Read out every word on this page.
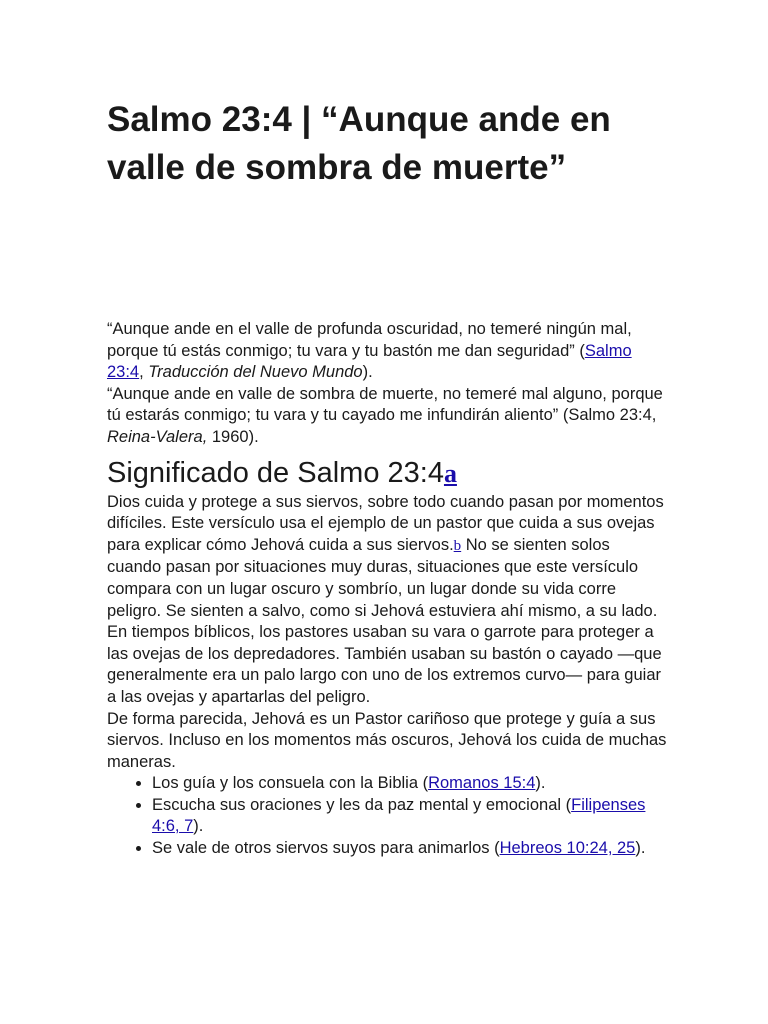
Salmo 23:4 | “Aunque ande en valle de sombra de muerte”

“Aunque ande en el valle de profunda oscuridad, no temeré ningún mal, porque tú estás conmigo; tu vara y tu bastón me dan seguridad” (Salmo 23:4, Traducción del Nuevo Mundo).

“Aunque ande en valle de sombra de muerte, no temeré mal alguno, porque tú estarás conmigo; tu vara y tu cayado me infundirán aliento” (Salmo 23:4, Reina-Valera, 1960).

Significado de Salmo 23:4a

Dios cuida y protege a sus siervos, sobre todo cuando pasan por momentos difíciles. Este versículo usa el ejemplo de un pastor que cuida a sus ovejas para explicar cómo Jehová cuida a sus siervos.b No se sienten solos cuando pasan por situaciones muy duras, situaciones que este versículo compara con un lugar oscuro y sombrío, un lugar donde su vida corre peligro. Se sienten a salvo, como si Jehová estuviera ahí mismo, a su lado.

En tiempos bíblicos, los pastores usaban su vara o garrote para proteger a las ovejas de los depredadores. También usaban su bastón o cayado —que generalmente era un palo largo con uno de los extremos curvo— para guiar a las ovejas y apartarlas del peligro.

De forma parecida, Jehová es un Pastor cariñoso que protege y guía a sus siervos. Incluso en los momentos más oscuros, Jehová los cuida de muchas maneras.

• Los guía y los consuela con la Biblia (Romanos 15:4).
• Escucha sus oraciones y les da paz mental y emocional (Filipenses 4:6, 7).
• Se vale de otros siervos suyos para animarlos (Hebreos 10:24, 25).
